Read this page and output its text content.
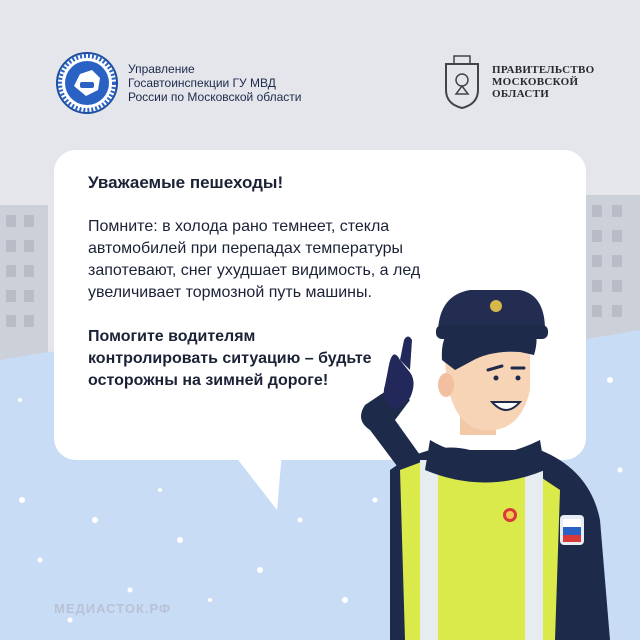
Управление
Госавтоинспекции ГУ МВД
России по Московской области
ПРАВИТЕЛЬСТВО
МОСКОВСКОЙ
ОБЛАСТИ

Уважаемые пешеходы!

Помните: в холода рано темнеет, стекла автомобилей при перепадах температуры запотевают, снег ухудшает видимость, а лед увеличивает тормозной путь машины.

Помогите водителям контролировать ситуацию – будьте осторожны на зимней дороге!

МЕДИАСТОК.РФ
